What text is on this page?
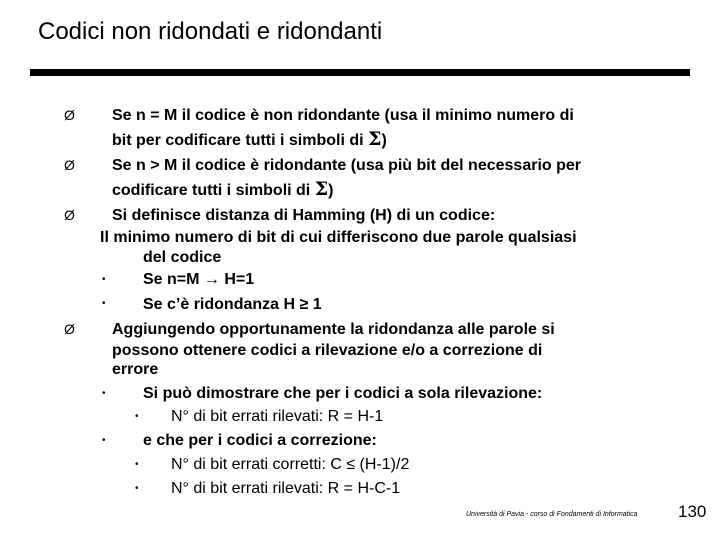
Codici non ridondati e ridondanti
Ø Se n = M il codice è non ridondante (usa il minimo numero di
bit per codificare tutti i simboli di Σ)
Ø Se n > M il codice è ridondante (usa più bit del necessario per
codificare tutti i simboli di Σ)
Ø Si definisce distanza di Hamming (H) di un codice:
Il minimo numero di bit di cui differiscono due parole qualsiasi
del codice
• Se n=M → H=1
• Se c’è ridondanza H ≥ 1
Ø Aggiungendo opportunamente la ridondanza alle parole si
possono ottenere codici a rilevazione e/o a correzione di
errore
• Si può dimostrare che per i codici a sola rilevazione:
• N° di bit errati rilevati: R = H-1
• e che per i codici a correzione:
• N° di bit errati corretti: C ≤ (H-1)/2
• N° di bit errati rilevati: R = H-C-1
Università di Pavia - corso di Fondamenti di Informatica 130
